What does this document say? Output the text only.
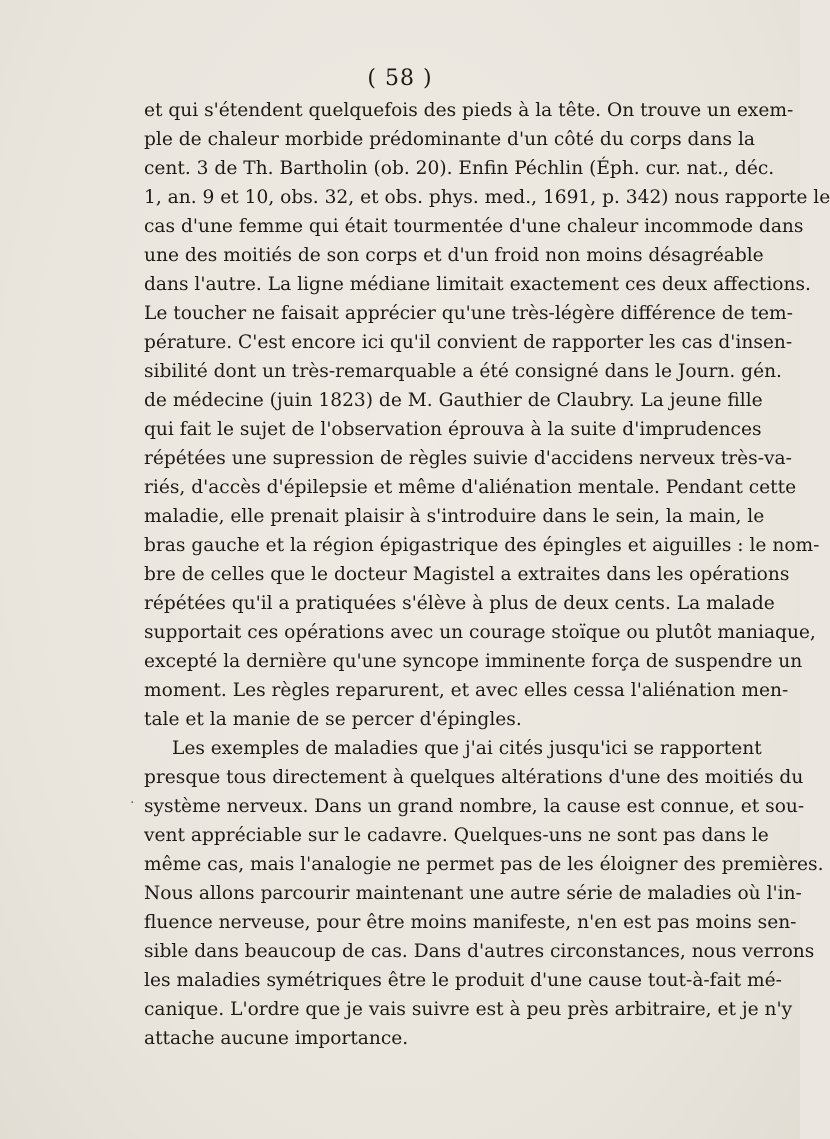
( 58 )
·
et qui s'étendent quelquefois des pieds à la tête. On trouve un exem-
ple de chaleur morbide prédominante d'un côté du corps dans la
cent. 3 de Th. Bartholin (ob. 20). Enfin Péchlin (Éph. cur. nat., déc.
1, an. 9 et 10, obs. 32, et obs. phys. med., 1691, p. 342) nous rapporte le
cas d'une femme qui était tourmentée d'une chaleur incommode dans
une des moitiés de son corps et d'un froid non moins désagréable
dans l'autre. La ligne médiane limitait exactement ces deux affections.
Le toucher ne faisait apprécier qu'une très-légère différence de tem-
pérature. C'est encore ici qu'il convient de rapporter les cas d'insen-
sibilité dont un très-remarquable a été consigné dans le Journ. gén.
de médecine (juin 1823) de M. Gauthier de Claubry. La jeune fille
qui fait le sujet de l'observation éprouva à la suite d'imprudences
répétées une supression de règles suivie d'accidens nerveux très-va-
riés, d'accès d'épilepsie et même d'aliénation mentale. Pendant cette
maladie, elle prenait plaisir à s'introduire dans le sein, la main, le
bras gauche et la région épigastrique des épingles et aiguilles : le nom-
bre de celles que le docteur Magistel a extraites dans les opérations
répétées qu'il a pratiquées s'élève à plus de deux cents. La malade
supportait ces opérations avec un courage stoïque ou plutôt maniaque,
excepté la dernière qu'une syncope imminente força de suspendre un
moment. Les règles reparurent, et avec elles cessa l'aliénation men-
tale et la manie de se percer d'épingles.
Les exemples de maladies que j'ai cités jusqu'ici se rapportent
presque tous directement à quelques altérations d'une des moitiés du
système nerveux. Dans un grand nombre, la cause est connue, et sou-
vent appréciable sur le cadavre. Quelques-uns ne sont pas dans le
même cas, mais l'analogie ne permet pas de les éloigner des premières.
Nous allons parcourir maintenant une autre série de maladies où l'in-
fluence nerveuse, pour être moins manifeste, n'en est pas moins sen-
sible dans beaucoup de cas. Dans d'autres circonstances, nous verrons
les maladies symétriques être le produit d'une cause tout-à-fait mé-
canique. L'ordre que je vais suivre est à peu près arbitraire, et je n'y
attache aucune importance.
